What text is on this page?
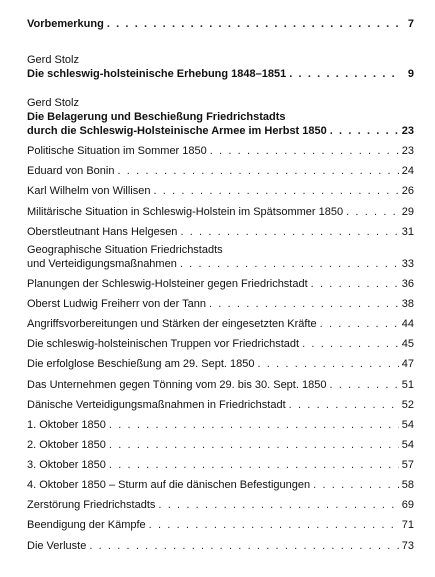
Vorbemerkung . . .	7
Gerd Stolz
Die schleswig-holsteinische Erhebung 1848–1851 . . .	9
Gerd Stolz
Die Belagerung und Beschießung Friedrichstadts
durch die Schleswig-Holsteinische Armee im Herbst 1850 . . .	23
Politische Situation im Sommer 1850 . . .	23
Eduard von Bonin . . .	24
Karl Wilhelm von Willisen . . .	26
Militärische Situation in Schleswig-Holstein im Spätsommer 1850 . . .	29
Oberstleutnant Hans Helgesen . . .	31
Geographische Situation Friedrichstadts
und Verteidigungsmaßnahmen . . .	33
Planungen der Schleswig-Holsteiner gegen Friedrichstadt . . .	36
Oberst Ludwig Freiherr von der Tann . . .	38
Angriffsvorbereitungen und Stärken der eingesetzten Kräfte . . .	44
Die schleswig-holsteinischen Truppen vor Friedrichstadt . . .	45
Die erfolglose Beschießung am 29. Sept. 1850 . . .	47
Das Unternehmen gegen Tönning vom 29. bis 30. Sept. 1850 . . .	51
Dänische Verteidigungsmaßnahmen in Friedrichstadt . . .	52
1. Oktober 1850 . . .	54
2. Oktober 1850 . . .	54
3. Oktober 1850 . . .	57
4. Oktober 1850 – Sturm auf die dänischen Befestigungen . . .	58
Zerstörung Friedrichstadts . . .	69
Beendigung der Kämpfe . . .	71
Die Verluste . . .	73
